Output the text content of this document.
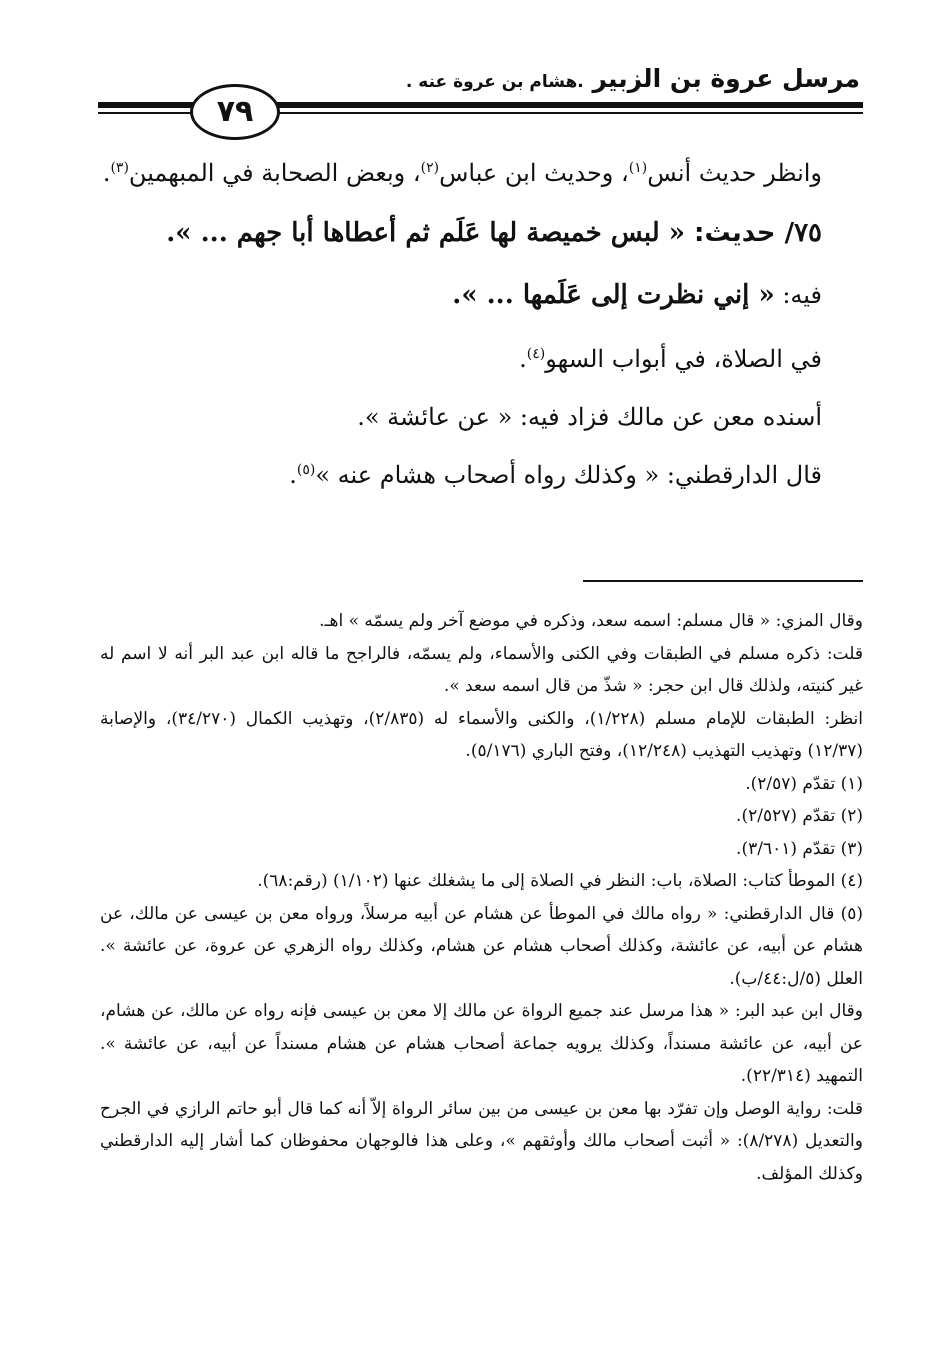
مرسل عروة بن الزبير .هشام بن عروة عنه .
٧٩

وانظر حديث أنس$^{(١)}$، وحديث ابن عباس$^{(٢)}$، وبعض الصحابة في المبهمين$^{(٣)}$.

٧٥/ حديث: « لبس خميصة لها عَلَم ثم أعطاها أبا جهم ... ».

فيه: « إني نظرت إلى عَلَمها ... ».

في الصلاة، في أبواب السهو$^{(٤)}$.

أسنده معن عن مالك فزاد فيه: « عن عائشة ».

قال الدارقطني: « وكذلك رواه أصحاب هشام عنه »$^{(٥)}$.

وقال المزي: « قال مسلم: اسمه سعد، وذكره في موضع آخر ولم يسمّه » اهـ.

قلت: ذكره مسلم في الطبقات وفي الكنى والأسماء، ولم يسمّه، فالراجح ما قاله ابن عبد البر أنه لا اسم له غير كنيته، ولذلك قال ابن حجر: « شذّ من قال اسمه سعد ».

انظر: الطبقات للإمام مسلم (١/٢٢٨)، والكنى والأسماء له (٢/٨٣٥)، وتهذيب الكمال (٣٤/٢٧٠)، والإصابة (١٢/٣٧) وتهذيب التهذيب (١٢/٢٤٨)، وفتح الباري (٥/١٧٦).

(١) تقدّم (٢/٥٧).

(٢) تقدّم (٢/٥٢٧).

(٣) تقدّم (٣/٦٠١).

(٤) الموطأ كتاب: الصلاة، باب: النظر في الصلاة إلى ما يشغلك عنها (١/١٠٢) (رقم:٦٨).

(٥) قال الدارقطني: « رواه مالك في الموطأ عن هشام عن أبيه مرسلاً، ورواه معن بن عيسى عن مالك، عن هشام عن أبيه، عن عائشة، وكذلك أصحاب هشام عن هشام، وكذلك رواه الزهري عن عروة، عن عائشة ». العلل (٥/ل:٤٤/ب).

وقال ابن عبد البر: « هذا مرسل عند جميع الرواة عن مالك إلا معن بن عيسى فإنه رواه عن مالك، عن هشام، عن أبيه، عن عائشة مسنداً، وكذلك يرويه جماعة أصحاب هشام عن هشام مسنداً عن أبيه، عن عائشة ». التمهيد (٢٢/٣١٤).

قلت: رواية الوصل وإن تفرّد بها معن بن عيسى من بين سائر الرواة إلاّ أنه كما قال أبو حاتم الرازي في الجرح والتعديل (٨/٢٧٨): « أثبت أصحاب مالك وأوثقهم »، وعلى هذا فالوجهان محفوظان كما أشار إليه الدارقطني وكذلك المؤلف.
